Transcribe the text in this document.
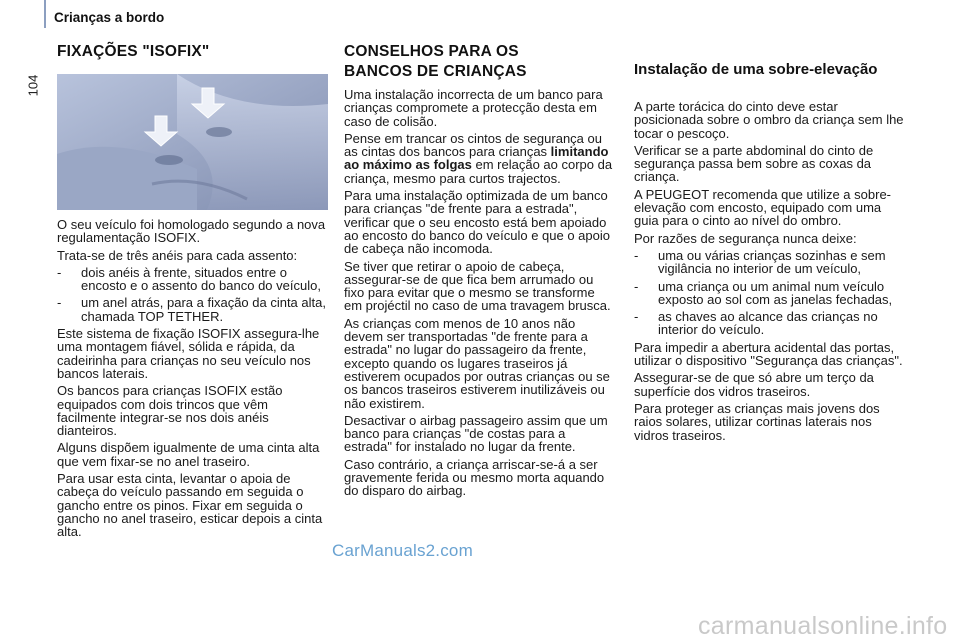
104
Crianças a bordo
FIXAÇÕES "ISOFIX"

O seu veículo foi homologado segundo a nova regulamentação ISOFIX.

Trata-se de três anéis para cada assento:

- dois anéis à frente, situados entre o encosto e o assento do banco do veículo,
- um anel atrás, para a fixação da cinta alta, chamada TOP TETHER.

Este sistema de fixação ISOFIX assegura-lhe uma montagem fiável, sólida e rápida, da cadeirinha para crianças no seu veículo nos bancos laterais.

Os bancos para crianças ISOFIX estão equipados com dois trincos que vêm facilmente integrar-se nos dois anéis dianteiros.

Alguns dispõem igualmente de uma cinta alta que vem fixar-se no anel traseiro.

Para usar esta cinta, levantar o apoia de cabeça do veículo passando em seguida o gancho entre os pinos. Fixar em seguida o gancho no anel traseiro, esticar depois a cinta alta.

CONSELHOS PARA OS
BANCOS DE CRIANÇAS

Uma instalação incorrecta de um banco para crianças compromete a protecção desta em caso de colisão.

Pense em trancar os cintos de segurança ou as cintas dos bancos para crianças limitando ao máximo as folgas em relação ao corpo da criança, mesmo para curtos trajectos.

Para uma instalação optimizada de um banco para crianças "de frente para a estrada", verificar que o seu encosto está bem apoiado ao encosto do banco do veículo e que o apoio de cabeça não incomoda.

Se tiver que retirar o apoio de cabeça, assegurar-se de que fica bem arrumado ou fixo para evitar que o mesmo se transforme em projéctil no caso de uma travagem brusca.

As crianças com menos de 10 anos não devem ser transportadas "de frente para a estrada" no lugar do passageiro da frente, excepto quando os lugares traseiros já estiverem ocupados por outras crianças ou se os bancos traseiros estiverem inutilizáveis ou não existirem.

Desactivar o airbag passageiro assim que um banco para crianças "de costas para a estrada" for instalado no lugar da frente.

Caso contrário, a criança arriscar-se-á a ser gravemente ferida ou mesmo morta aquando do disparo do airbag.

Instalação de uma sobre-elevação

A parte torácica do cinto deve estar posicionada sobre o ombro da criança sem lhe tocar o pescoço.

Verificar se a parte abdominal do cinto de segurança passa bem sobre as coxas da criança.

A PEUGEOT recomenda que utilize a sobre-elevação com encosto, equipado com uma guia para o cinto ao nível do ombro.

Por razões de segurança nunca deixe:

- uma ou várias crianças sozinhas e sem vigilância no interior de um veículo,
- uma criança ou um animal num veículo exposto ao sol com as janelas fechadas,
- as chaves ao alcance das crianças no interior do veículo.

Para impedir a abertura acidental das portas, utilizar o dispositivo "Segurança das crianças".

Assegurar-se de que só abre um terço da superfície dos vidros traseiros.

Para proteger as crianças mais jovens dos raios solares, utilizar cortinas laterais nos vidros traseiros.

CarManuals2.com
carmanualsonline.info
